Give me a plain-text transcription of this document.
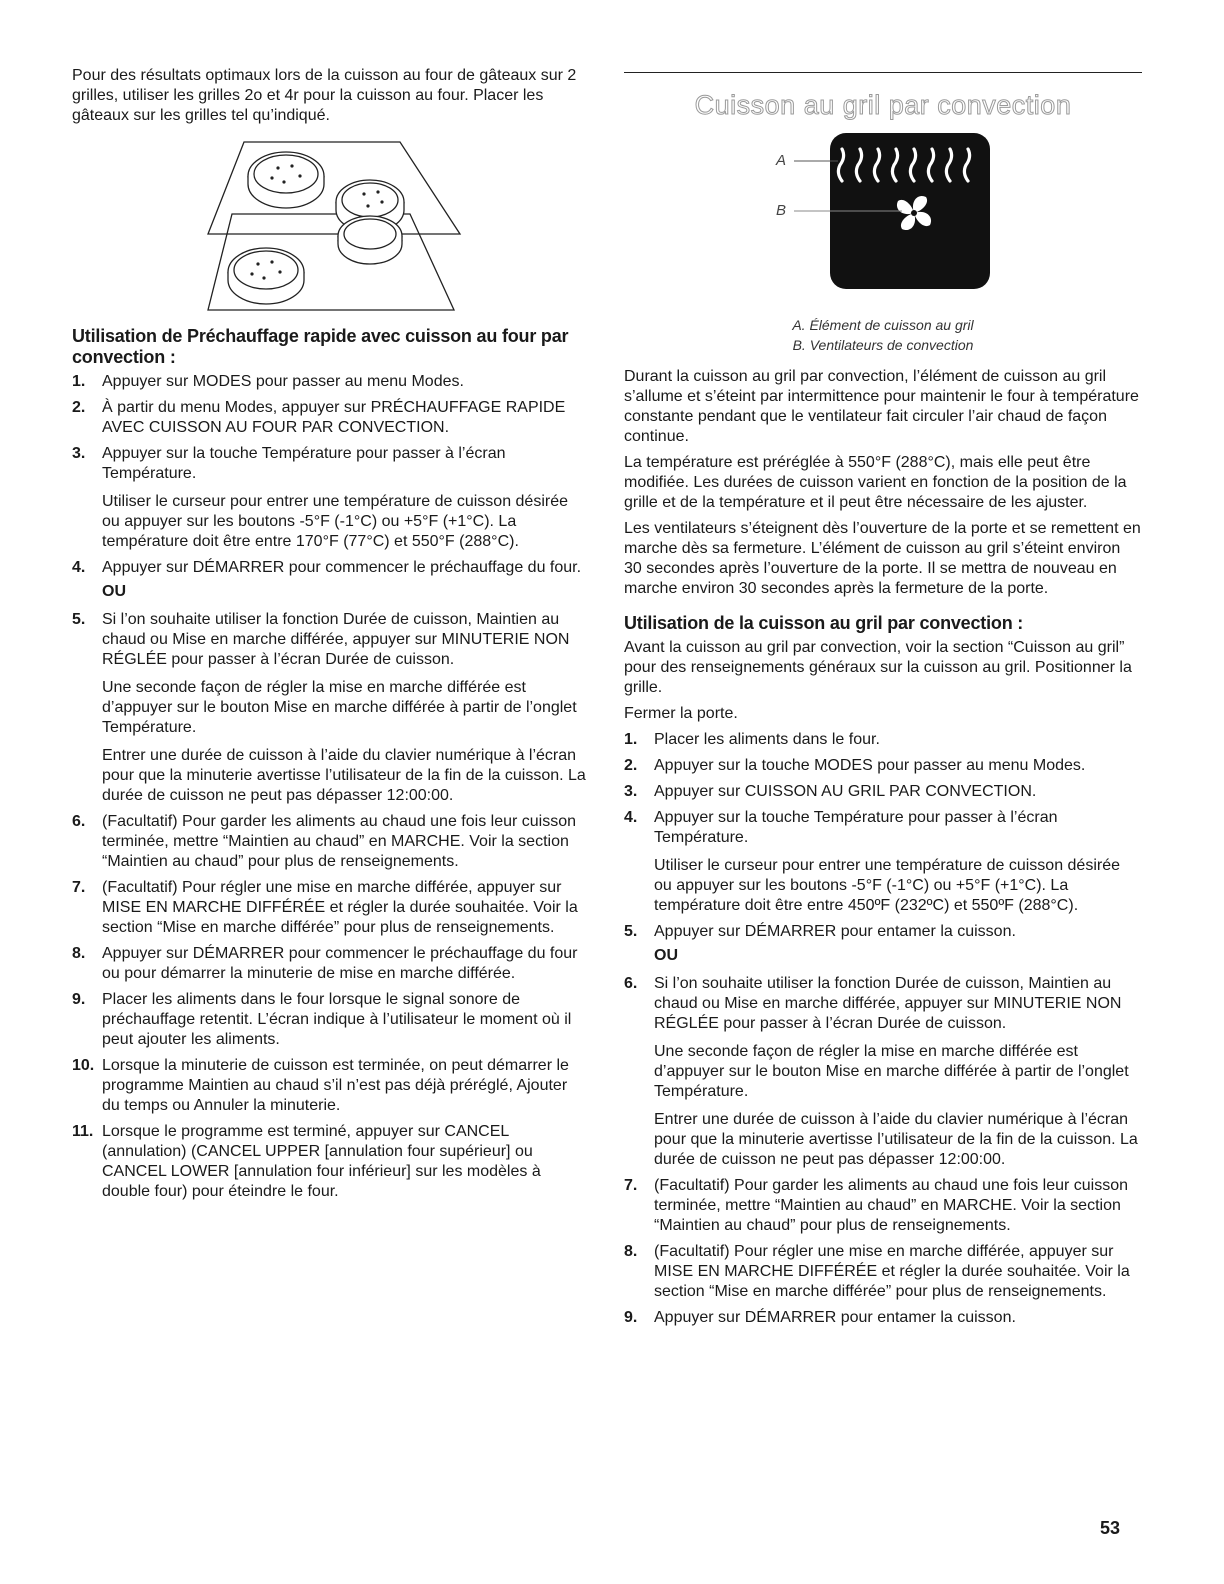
Pour des résultats optimaux lors de la cuisson au four de gâteaux sur 2 grilles, utiliser les grilles 2o et 4r pour la cuisson au four. Placer les gâteaux sur les grilles tel qu’indiqué.

Utilisation de Préchauffage rapide avec cuisson au four par convection :
1. Appuyer sur MODES pour passer au menu Modes.
2. À partir du menu Modes, appuyer sur PRÉCHAUFFAGE RAPIDE AVEC CUISSON AU FOUR PAR CONVECTION.
3. Appuyer sur la touche Température pour passer à l’écran Température.
Utiliser le curseur pour entrer une température de cuisson désirée ou appuyer sur les boutons -5°F (-1°C) ou +5°F (+1°C). La température doit être entre 170°F (77°C) et 550°F (288°C).
4. Appuyer sur DÉMARRER pour commencer le préchauffage du four.
OU
5. Si l’on souhaite utiliser la fonction Durée de cuisson, Maintien au chaud ou Mise en marche différée, appuyer sur MINUTERIE NON RÉGLÉE pour passer à l’écran Durée de cuisson.
Une seconde façon de régler la mise en marche différée est d’appuyer sur le bouton Mise en marche différée à partir de l’onglet Température.
Entrer une durée de cuisson à l’aide du clavier numérique à l’écran pour que la minuterie avertisse l’utilisateur de la fin de la cuisson. La durée de cuisson ne peut pas dépasser 12:00:00.
6. (Facultatif) Pour garder les aliments au chaud une fois leur cuisson terminée, mettre “Maintien au chaud” en MARCHE. Voir la section “Maintien au chaud” pour plus de renseignements.
7. (Facultatif) Pour régler une mise en marche différée, appuyer sur MISE EN MARCHE DIFFÉRÉE et régler la durée souhaitée. Voir la section “Mise en marche différée” pour plus de renseignements.
8. Appuyer sur DÉMARRER pour commencer le préchauffage du four ou pour démarrer la minuterie de mise en marche différée.
9. Placer les aliments dans le four lorsque le signal sonore de préchauffage retentit. L’écran indique à l’utilisateur le moment où il peut ajouter les aliments.
10. Lorsque la minuterie de cuisson est terminée, on peut démarrer le programme Maintien au chaud s’il n’est pas déjà préréglé, Ajouter du temps ou Annuler la minuterie.
11. Lorsque le programme est terminé, appuyer sur CANCEL (annulation) (CANCEL UPPER [annulation four supérieur] ou CANCEL LOWER [annulation four inférieur] sur les modèles à double four) pour éteindre le four.
Cuisson au gril par convection
A
B
A. Élément de cuisson au gril
B. Ventilateurs de convection

Durant la cuisson au gril par convection, l’élément de cuisson au gril s’allume et s’éteint par intermittence pour maintenir le four à température constante pendant que le ventilateur fait circuler l’air chaud de façon continue.

La température est préréglée à 550°F (288°C), mais elle peut être modifiée. Les durées de cuisson varient en fonction de la position de la grille et de la température et il peut être nécessaire de les ajuster.

Les ventilateurs s’éteignent dès l’ouverture de la porte et se remettent en marche dès sa fermeture. L’élément de cuisson au gril s’éteint environ 30 secondes après l’ouverture de la porte. Il se mettra de nouveau en marche environ 30 secondes après la fermeture de la porte.

Utilisation de la cuisson au gril par convection :

Avant la cuisson au gril par convection, voir la section “Cuisson au gril” pour des renseignements généraux sur la cuisson au gril. Positionner la grille.

Fermer la porte.

1. Placer les aliments dans le four.
2. Appuyer sur la touche MODES pour passer au menu Modes.
3. Appuyer sur CUISSON AU GRIL PAR CONVECTION.
4. Appuyer sur la touche Température pour passer à l’écran Température.
Utiliser le curseur pour entrer une température de cuisson désirée ou appuyer sur les boutons -5°F (-1°C) ou +5°F (+1°C). La température doit être entre 450ºF (232ºC) et 550ºF (288°C).
5. Appuyer sur DÉMARRER pour entamer la cuisson.
OU
6. Si l’on souhaite utiliser la fonction Durée de cuisson, Maintien au chaud ou Mise en marche différée, appuyer sur MINUTERIE NON RÉGLÉE pour passer à l’écran Durée de cuisson.
Une seconde façon de régler la mise en marche différée est d’appuyer sur le bouton Mise en marche différée à partir de l’onglet Température.
Entrer une durée de cuisson à l’aide du clavier numérique à l’écran pour que la minuterie avertisse l’utilisateur de la fin de la cuisson. La durée de cuisson ne peut pas dépasser 12:00:00.
7. (Facultatif) Pour garder les aliments au chaud une fois leur cuisson terminée, mettre “Maintien au chaud” en MARCHE. Voir la section “Maintien au chaud” pour plus de renseignements.
8. (Facultatif) Pour régler une mise en marche différée, appuyer sur MISE EN MARCHE DIFFÉRÉE et régler la durée souhaitée. Voir la section “Mise en marche différée” pour plus de renseignements.
9. Appuyer sur DÉMARRER pour entamer la cuisson.
53
